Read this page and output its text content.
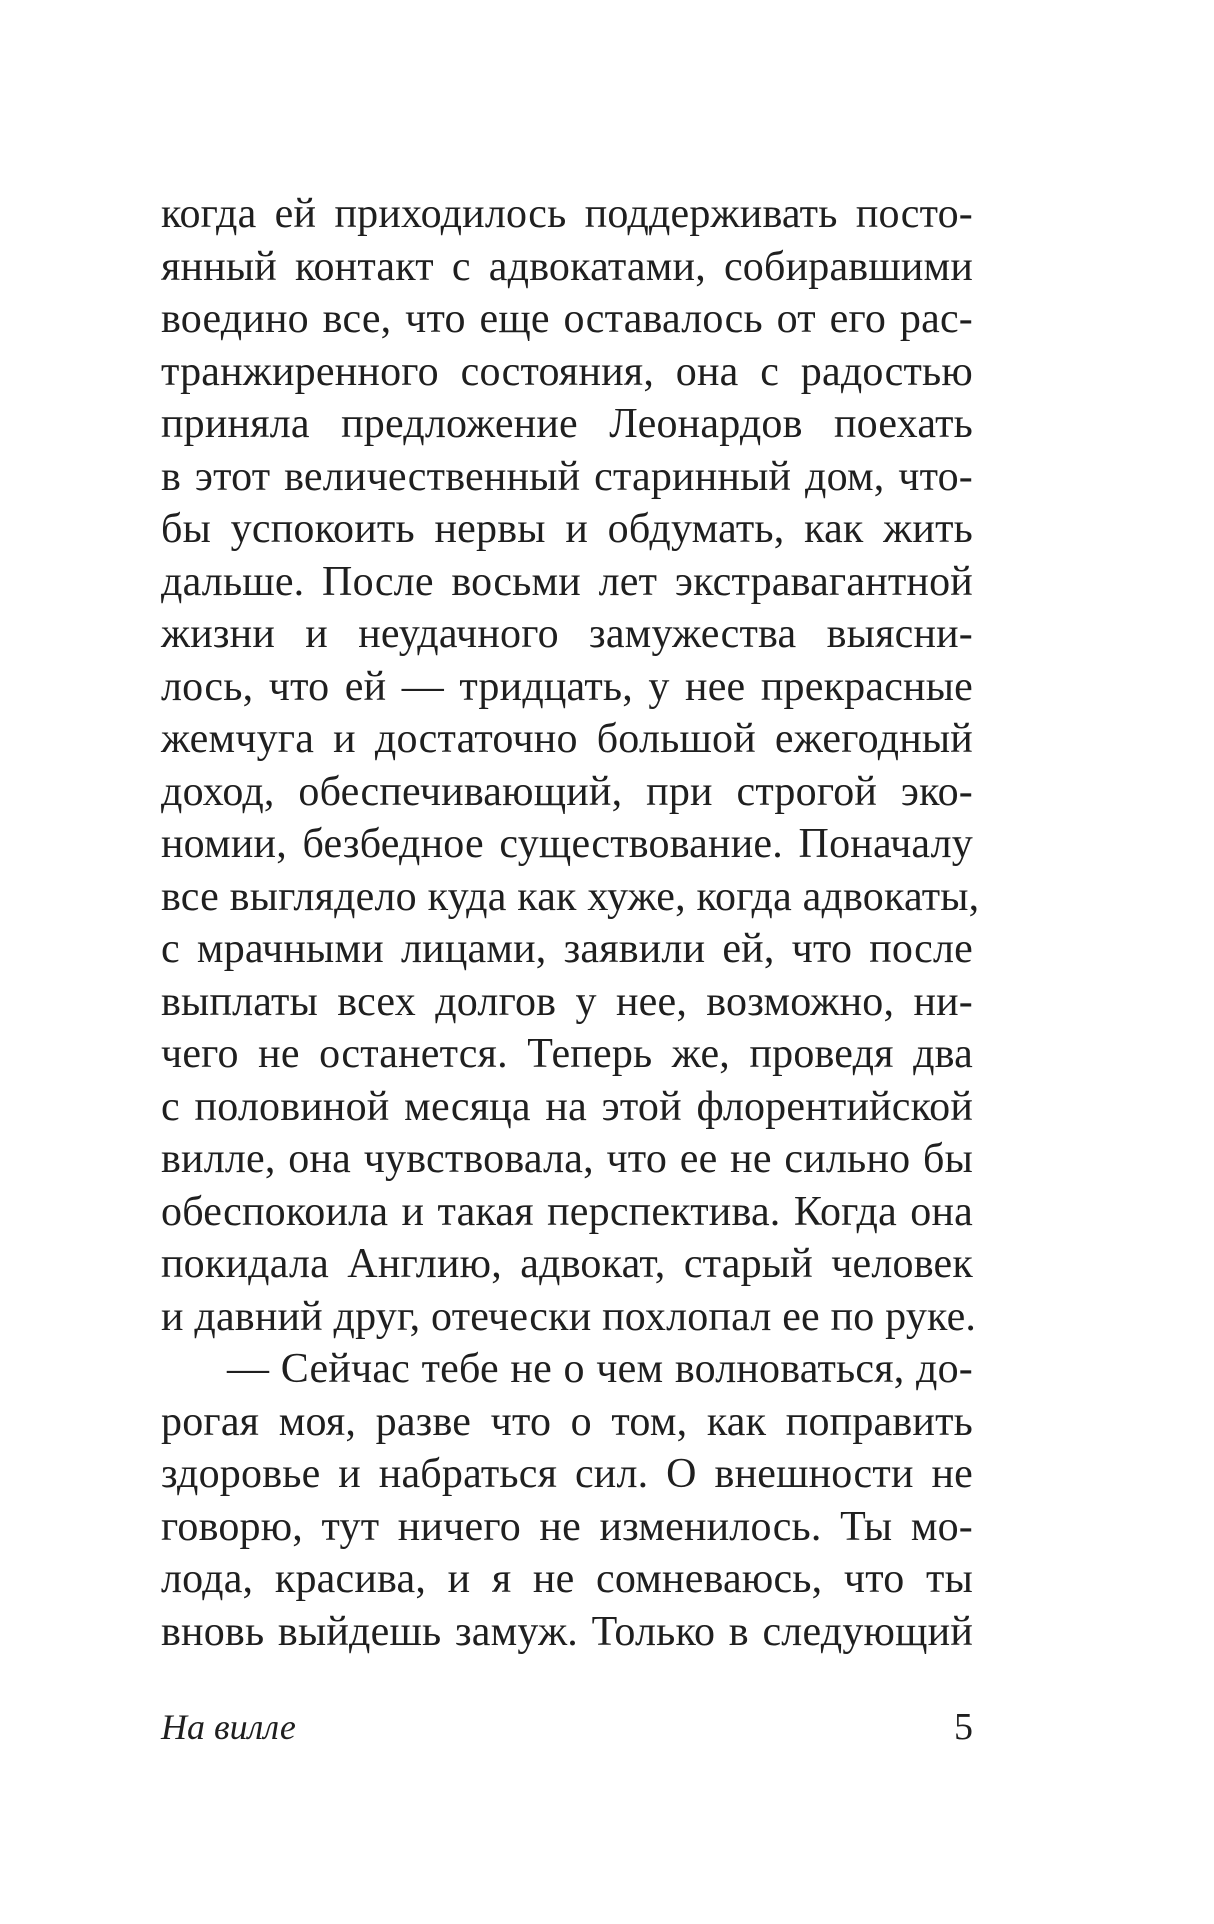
когда ей приходилось поддерживать посто-
янный контакт с адвокатами, собиравшими
воедино все, что еще оставалось от его рас-
транжиренного состояния, она с радостью
приняла предложение Леонардов поехать
в этот величественный старинный дом, что-
бы успокоить нервы и обдумать, как жить
дальше. После восьми лет экстравагантной
жизни и неудачного замужества выясни-
лось, что ей — тридцать, у нее прекрасные
жемчуга и достаточно большой ежегодный
доход, обеспечивающий, при строгой эко-
номии, безбедное существование. Поначалу
все выглядело куда как хуже, когда адвокаты,
с мрачными лицами, заявили ей, что после
выплаты всех долгов у нее, возможно, ни-
чего не останется. Теперь же, проведя два
с половиной месяца на этой флорентийской
вилле, она чувствовала, что ее не сильно бы
обеспокоила и такая перспектива. Когда она
покидала Англию, адвокат, старый человек
и давний друг, отечески похлопал ее по руке.
— Сейчас тебе не о чем волноваться, до-
рогая моя, разве что о том, как поправить
здоровье и набраться сил. О внешности не
говорю, тут ничего не изменилось. Ты мо-
лода, красива, и я не сомневаюсь, что ты
вновь выйдешь замуж. Только в следующий
На вилле	5
